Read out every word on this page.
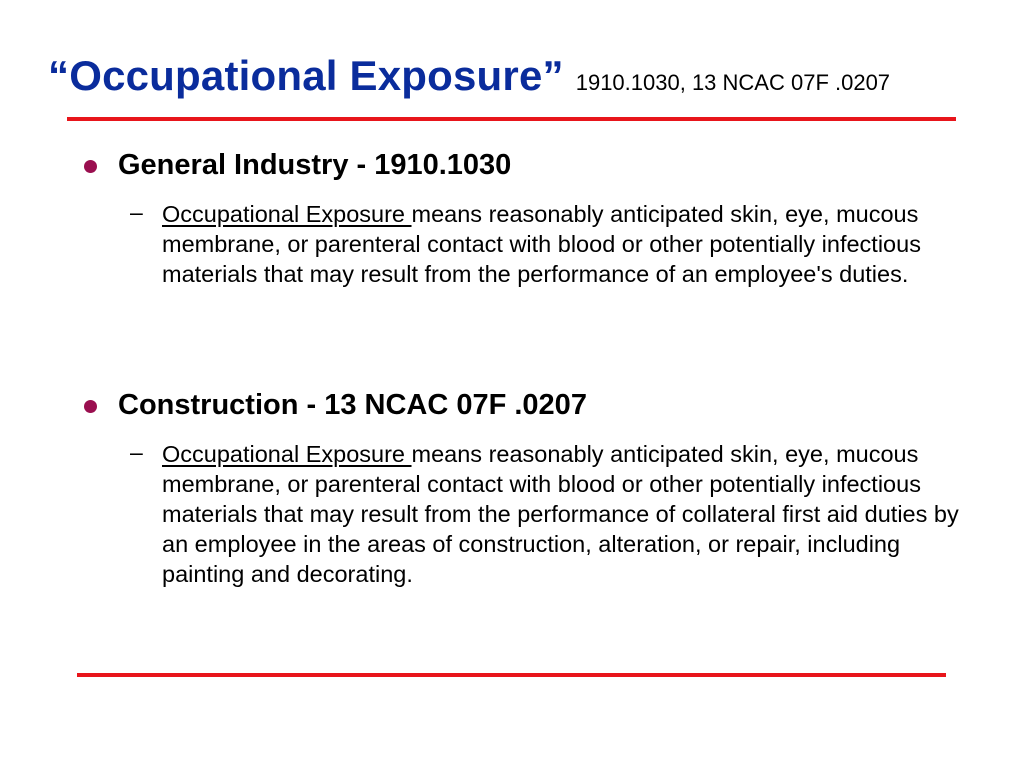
“Occupational Exposure” 1910.1030, 13 NCAC 07F .0207
General Industry - 1910.1030
– Occupational Exposure means reasonably anticipated skin, eye, mucous membrane, or parenteral contact with blood or other potentially infectious materials that may result from the performance of an employee's duties.
Construction - 13 NCAC 07F .0207
– Occupational Exposure means reasonably anticipated skin, eye, mucous membrane, or parenteral contact with blood or other potentially infectious materials that may result from the performance of collateral first aid duties by an employee in the areas of construction, alteration, or repair, including painting and decorating.
